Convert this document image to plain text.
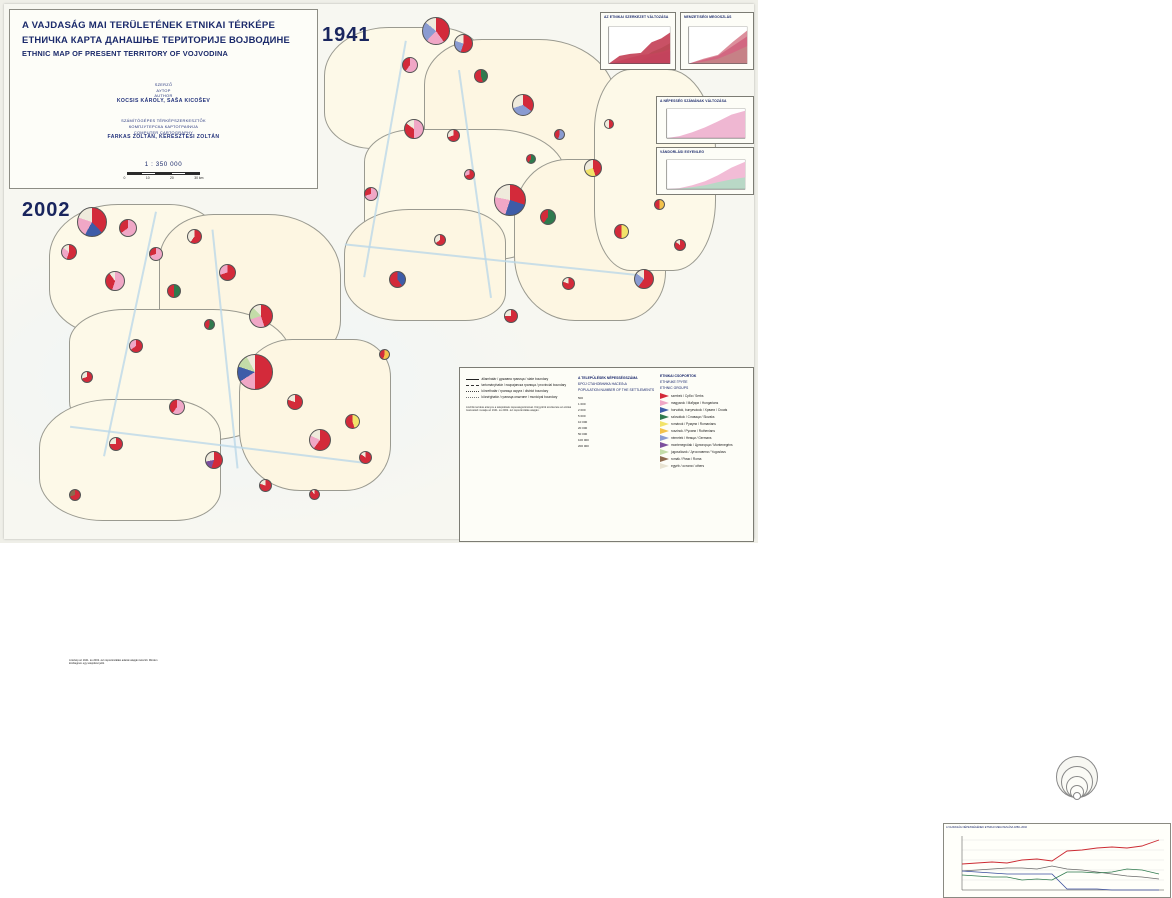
A térkép az 1941. és 2002. évi népszámlálási adatok alapján készült. Minden kördiagram egy települést jelöl.
A VAJDASÁG MAI TERÜLETÉNEK ETNIKAI TÉRKÉPE
ЕТНИЧКА КАРТА ДАНАШЊЕ ТЕРИТОРИЈЕ ВОЈВОДИНЕ
ETHNIC MAP OF PRESENT TERRITORY OF VOJVODINA
SZERZŐ
АУТОР
AUTHOR
KOCSIS KÁROLY, SAŠA KICOŠEV
SZÁMÍTÓGÉPES TÉRKÉPSZERKESZTŐK
КОМПЈУТЕРСКА КАРТОГРАФИЈА
COMPUTER CARTOGRAPHY
FARKAS ZOLTÁN, KERESZTESI ZOLTÁN
1 : 350 000
0	10	20	30 km
1941
2002
AZ ETNIKAI SZERKEZET VÁLTOZÁSA	NEMZETISÉGI MEGOSZLÁS
A NÉPESSÉG SZÁMÁNAK VÁLTOZÁSA
VÁNDORLÁSI EGYENLEG
államhatár / државна граница / state boundary
tartományhatár / покрајинска граница / provincial boundary
körzethatár / граница округа / district boundary
községhatár / граница општине / municipal boundary
A körök területe arányos a települések népességszámával. Körgyűrűk szerkezete az etnikai összetételt mutatja az 1941. és 2002. évi népszámlálás alapján.
A TELEPÜLÉSEK NÉPESSÉGSZÁMA
БРОЈ СТАНОВНИКА НАСЕЉА
POPULATION NUMBER OF THE SETTLEMENTS
500
1 000
2 000
5 000
10 000
20 000
50 000
100 000
200 000
ETNIKAI CSOPORTOK
ЕТНИЧКЕ ГРУПЕ
ETHNIC GROUPS
szerbek / Срби / Serbs
magyarok / Мађари / Hungarians
horvátok, bunyevácok / Хрвати / Croats
szlovákok / Словаци / Slovaks
románok / Румуни / Romanians
ruszinok / Русини / Ruthenians
németek / Немци / Germans
montenegróiak / Црногорци / Montenegrins
jugoszlávok / Југословени / Yugoslavs
romák / Роми / Roma
egyéb / остали / others
A VAJDASÁG NÉPESSÉGÉNEK ETNIKAI MEGOSZLÁSA 1880–2002
